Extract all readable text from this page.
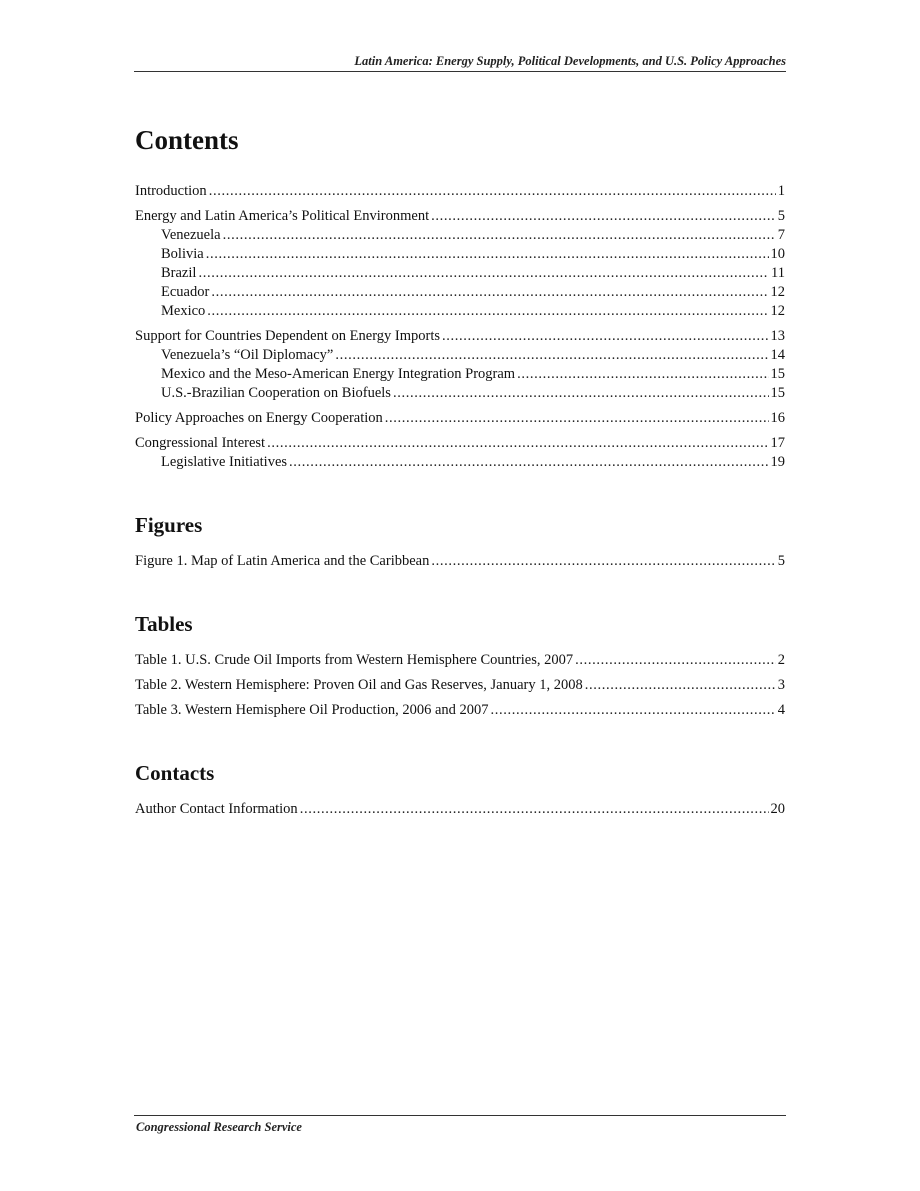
Latin America: Energy Supply, Political Developments, and U.S. Policy Approaches
Contents
Introduction . . .	1
Energy and Latin America’s Political Environment . . .	5
Venezuela . . .	7
Bolivia . . .	10
Brazil . . .	11
Ecuador . . .	12
Mexico . . .	12
Support for Countries Dependent on Energy Imports . . .	13
Venezuela’s “Oil Diplomacy” . . .	14
Mexico and the Meso-American Energy Integration Program . . .	15
U.S.-Brazilian Cooperation on Biofuels . . .	15
Policy Approaches on Energy Cooperation . . .	16
Congressional Interest . . .	17
Legislative Initiatives . . .	19
Figures
Figure 1. Map of Latin America and the Caribbean . . .	5
Tables
Table 1. U.S. Crude Oil Imports from Western Hemisphere Countries, 2007 . . .	2
Table 2. Western Hemisphere: Proven Oil and Gas Reserves, January 1, 2008 . . .	3
Table 3. Western Hemisphere Oil Production, 2006 and 2007 . . .	4
Contacts
Author Contact Information . . .	20
Congressional Research Service
